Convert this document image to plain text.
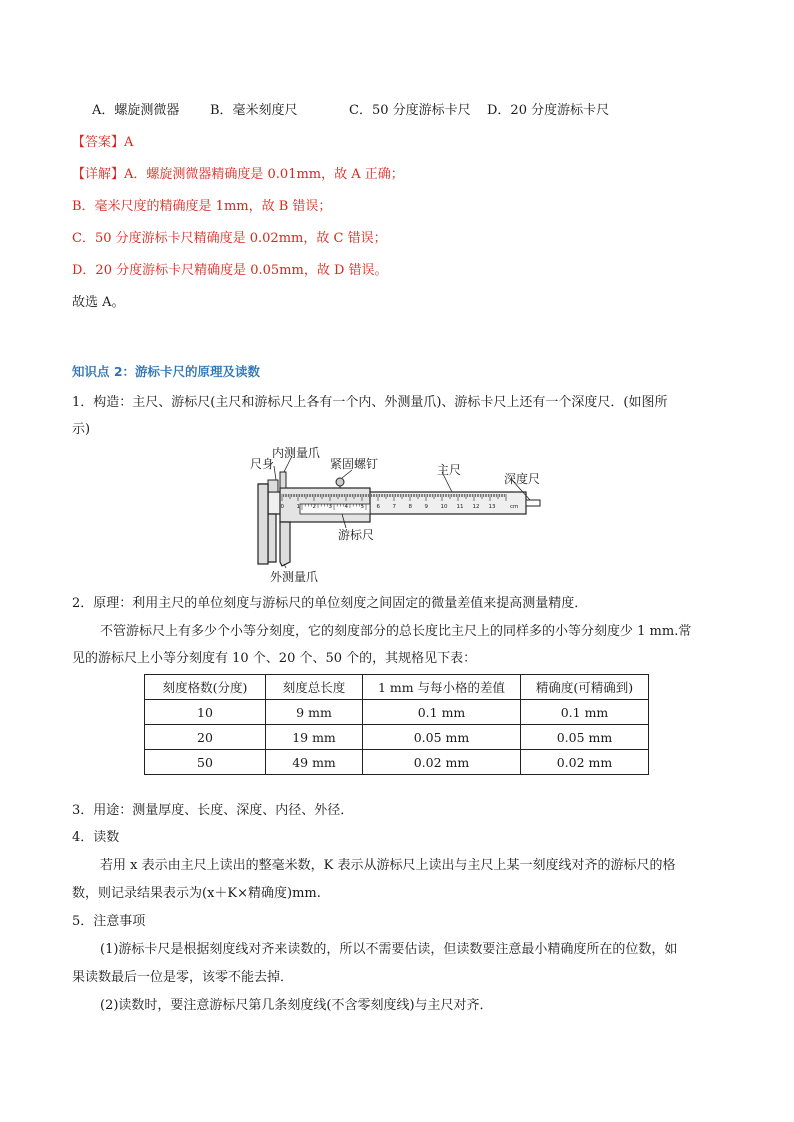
A．螺旋测微器 B．毫米刻度尺	C．50 分度游标卡尺 D．20 分度游标卡尺
【答案】A
【详解】A．螺旋测微器精确度是 0.01mm，故 A 正确；
B．毫米尺度的精确度是 1mm，故 B 错误；
C．50 分度游标卡尺精确度是 0.02mm，故 C 错误；
D．20 分度游标卡尺精确度是 0.05mm，故 D 错误。
故选 A。
知识点 2：游标卡尺的原理及读数
1．构造：主尺、游标尺(主尺和游标尺上各有一个内、外测量爪)、游标卡尺上还有一个深度尺．(如图所
示)
0 1 2 3 4 5 6 7 8 9 10 11 12 13	cm
尺身
内测量爪
紧固螺钉	主尺
深度尺
游标尺
外测量爪
2．原理：利用主尺的单位刻度与游标尺的单位刻度之间固定的微量差值来提高测量精度．
不管游标尺上有多少个小等分刻度，它的刻度部分的总长度比主尺上的同样多的小等分刻度少 1 mm.常
见的游标尺上小等分刻度有 10 个、20 个、50 个的，其规格见下表：
刻度格数(分度)	刻度总长度	1 mm 与每小格的差值	精确度(可精确到)
10	9 mm	0.1 mm	0.1 mm
20	19 mm	0.05 mm	0.05 mm
50	49 mm	0.02 mm	0.02 mm
3．用途：测量厚度、长度、深度、内径、外径．
4．读数
若用 x 表示由主尺上读出的整毫米数，K 表示从游标尺上读出与主尺上某一刻度线对齐的游标尺的格
数，则记录结果表示为(x＋K×精确度)mm.
5．注意事项
(1)游标卡尺是根据刻度线对齐来读数的，所以不需要估读，但读数要注意最小精确度所在的位数，如
果读数最后一位是零，该零不能去掉．
(2)读数时，要注意游标尺第几条刻度线(不含零刻度线)与主尺对齐．
